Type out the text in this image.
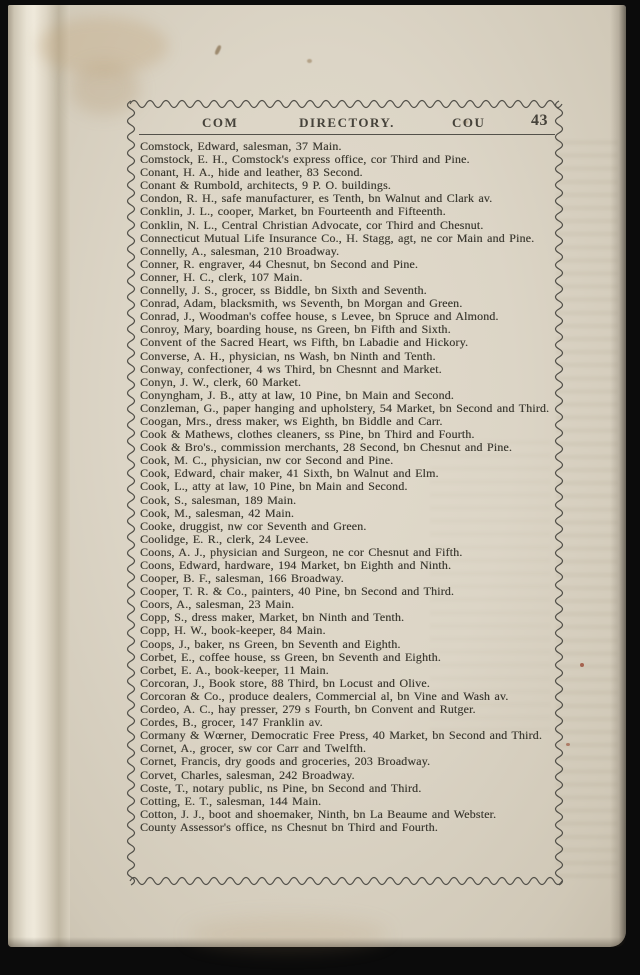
COM	DIRECTORY.	COU	43
Comstock, Edward, salesman, 37 Main.
Comstock, E. H., Comstock's express office, cor Third and Pine.
Conant, H. A., hide and leather, 83 Second.
Conant & Rumbold, architects, 9 P. O. buildings.
Condon, R. H., safe manufacturer, es Tenth, bn Walnut and Clark av.
Conklin, J. L., cooper, Market, bn Fourteenth and Fifteenth.
Conklin, N. L., Central Christian Advocate, cor Third and Chesnut.
Connecticut Mutual Life Insurance Co., H. Stagg, agt, ne cor Main and Pine.
Connelly, A., salesman, 210 Broadway.
Conner, R. engraver, 44 Chesnut, bn Second and Pine.
Conner, H. C., clerk, 107 Main.
Connelly, J. S., grocer, ss Biddle, bn Sixth and Seventh.
Conrad, Adam, blacksmith, ws Seventh, bn Morgan and Green.
Conrad, J., Woodman's coffee house, s Levee, bn Spruce and Almond.
Conroy, Mary, boarding house, ns Green, bn Fifth and Sixth.
Convent of the Sacred Heart, ws Fifth, bn Labadie and Hickory.
Converse, A. H., physician, ns Wash, bn Ninth and Tenth.
Conway, confectioner, 4 ws Third, bn Chesnnt and Market.
Conyn, J. W., clerk, 60 Market.
Conyngham, J. B., atty at law, 10 Pine, bn Main and Second.
Conzleman, G., paper hanging and upholstery, 54 Market, bn Second and Third.
Coogan, Mrs., dress maker, ws Eighth, bn Biddle and Carr.
Cook & Mathews, clothes cleaners, ss Pine, bn Third and Fourth.
Cook & Bro's., commission merchants, 28 Second, bn Chesnut and Pine.
Cook, M. C., physician, nw cor Second and Pine.
Cook, Edward, chair maker, 41 Sixth, bn Walnut and Elm.
Cook, L., atty at law, 10 Pine, bn Main and Second.
Cook, S., salesman, 189 Main.
Cook, M., salesman, 42 Main.
Cooke, druggist, nw cor Seventh and Green.
Coolidge, E. R., clerk, 24 Levee.
Coons, A. J., physician and Surgeon, ne cor Chesnut and Fifth.
Coons, Edward, hardware, 194 Market, bn Eighth and Ninth.
Cooper, B. F., salesman, 166 Broadway.
Cooper, T. R. & Co., painters, 40 Pine, bn Second and Third.
Coors, A., salesman, 23 Main.
Copp, S., dress maker, Market, bn Ninth and Tenth.
Copp, H. W., book-keeper, 84 Main.
Coops, J., baker, ns Green, bn Seventh and Eighth.
Corbet, E., coffee house, ss Green, bn Seventh and Eighth.
Corbet, E. A., book-keeper, 11 Main.
Corcoran, J., Book store, 88 Third, bn Locust and Olive.
Corcoran & Co., produce dealers, Commercial al, bn Vine and Wash av.
Cordeo, A. C., hay presser, 279 s Fourth, bn Convent and Rutger.
Cordes, B., grocer, 147 Franklin av.
Cormany & Wœrner, Democratic Free Press, 40 Market, bn Second and Third.
Cornet, A., grocer, sw cor Carr and Twelfth.
Cornet, Francis, dry goods and groceries, 203 Broadway.
Corvet, Charles, salesman, 242 Broadway.
Coste, T., notary public, ns Pine, bn Second and Third.
Cotting, E. T., salesman, 144 Main.
Cotton, J. J., boot and shoemaker, Ninth, bn La Beaume and Webster.
County Assessor's office, ns Chesnut bn Third and Fourth.
